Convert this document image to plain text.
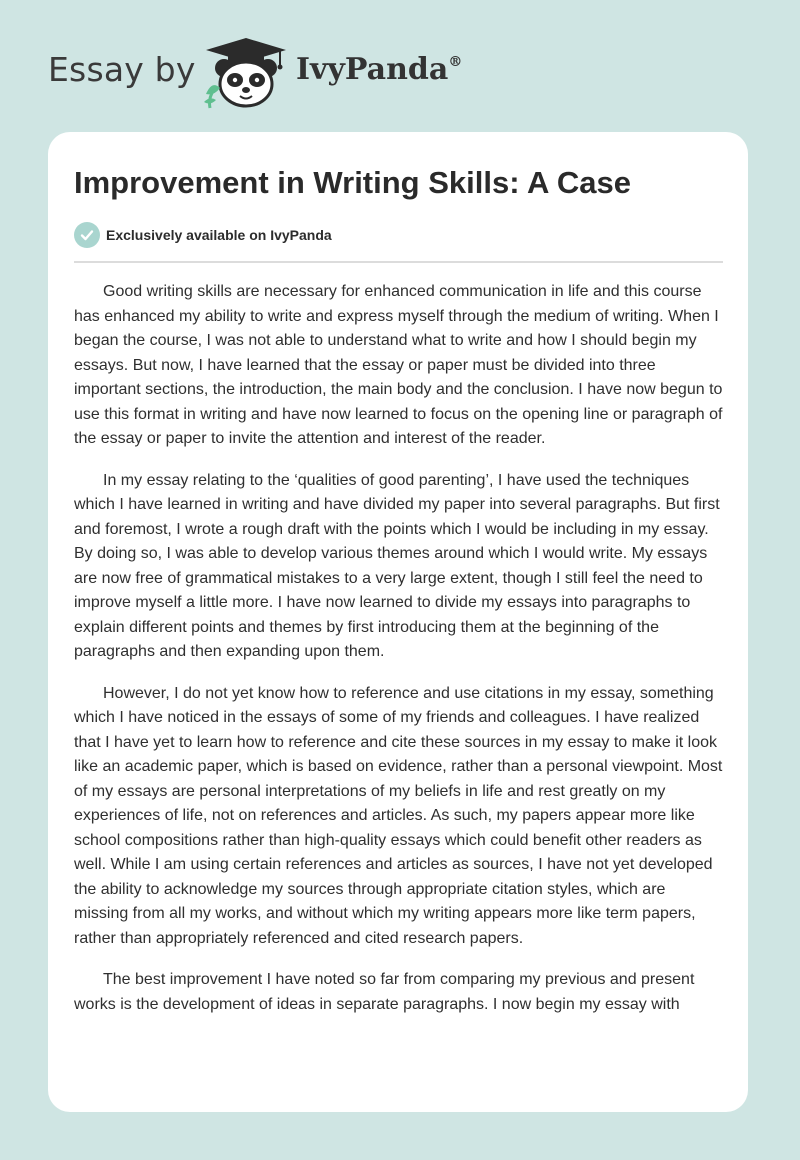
Essay by	IvyPanda®
Improvement in Writing Skills: A Case
Exclusively available on IvyPanda

Good writing skills are necessary for enhanced communication in life and this course has enhanced my ability to write and express myself through the medium of writing. When I began the course, I was not able to understand what to write and how I should begin my essays. But now, I have learned that the essay or paper must be divided into three important sections, the introduction, the main body and the conclusion. I have now begun to use this format in writing and have now learned to focus on the opening line or paragraph of the essay or paper to invite the attention and interest of the reader.

In my essay relating to the ‘qualities of good parenting’, I have used the techniques which I have learned in writing and have divided my paper into several paragraphs. But first and foremost, I wrote a rough draft with the points which I would be including in my essay. By doing so, I was able to develop various themes around which I would write. My essays are now free of grammatical mistakes to a very large extent, though I still feel the need to improve myself a little more. I have now learned to divide my essays into paragraphs to explain different points and themes by first introducing them at the beginning of the paragraphs and then expanding upon them.

However, I do not yet know how to reference and use citations in my essay, something which I have noticed in the essays of some of my friends and colleagues. I have realized that I have yet to learn how to reference and cite these sources in my essay to make it look like an academic paper, which is based on evidence, rather than a personal viewpoint. Most of my essays are personal interpretations of my beliefs in life and rest greatly on my experiences of life, not on references and articles. As such, my papers appear more like school compositions rather than high-quality essays which could benefit other readers as well. While I am using certain references and articles as sources, I have not yet developed the ability to acknowledge my sources through appropriate citation styles, which are missing from all my works, and without which my writing appears more like term papers, rather than appropriately referenced and cited research papers.

The best improvement I have noted so far from comparing my previous and present works is the development of ideas in separate paragraphs. I now begin my essay with
